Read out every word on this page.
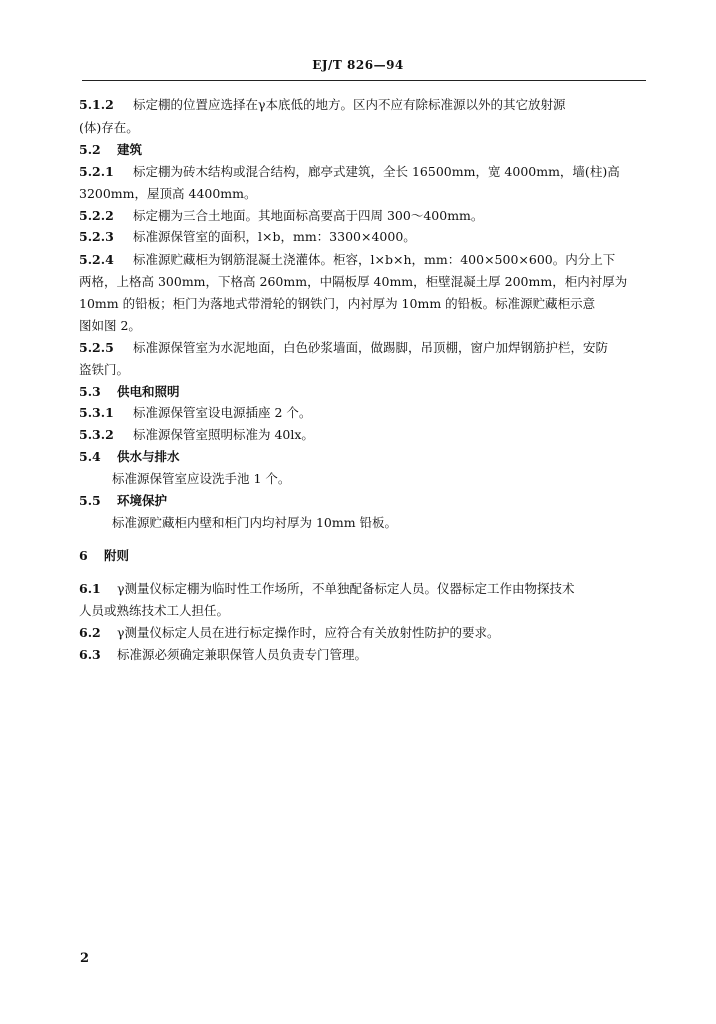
EJ/T 826—94
5.1.2 标定棚的位置应选择在γ本底低的地方。区内不应有除标准源以外的其它放射源
(体)存在。
5.2 建筑
5.2.1 标定棚为砖木结构或混合结构，廊亭式建筑，全长 16500mm，宽 4000mm，墙(柱)高
3200mm，屋顶高 4400mm。
5.2.2 标定棚为三合土地面。其地面标高要高于四周 300～400mm。
5.2.3 标准源保管室的面积，l×b，mm：3300×4000。
5.2.4 标准源贮藏柜为钢筋混凝土浇灌体。柜容，l×b×h，mm：400×500×600。内分上下
两格，上格高 300mm，下格高 260mm，中隔板厚 40mm，柜壁混凝土厚 200mm，柜内衬厚为
10mm 的铅板；柜门为落地式带滑轮的钢铁门，内衬厚为 10mm 的铅板。标准源贮藏柜示意
图如图 2。
5.2.5 标准源保管室为水泥地面，白色砂浆墙面，做踢脚，吊顶棚，窗户加焊钢筋护栏，安防
盗铁门。
5.3 供电和照明
5.3.1 标准源保管室设电源插座 2 个。
5.3.2 标准源保管室照明标准为 40lx。
5.4 供水与排水
标准源保管室应设洗手池 1 个。
5.5 环境保护
标准源贮藏柜内壁和柜门内均衬厚为 10mm 铅板。
6 附则
6.1 γ测量仪标定棚为临时性工作场所，不单独配备标定人员。仪器标定工作由物探技术
人员或熟练技术工人担任。
6.2 γ测量仪标定人员在进行标定操作时，应符合有关放射性防护的要求。
6.3 标准源必须确定兼职保管人员负责专门管理。
2
